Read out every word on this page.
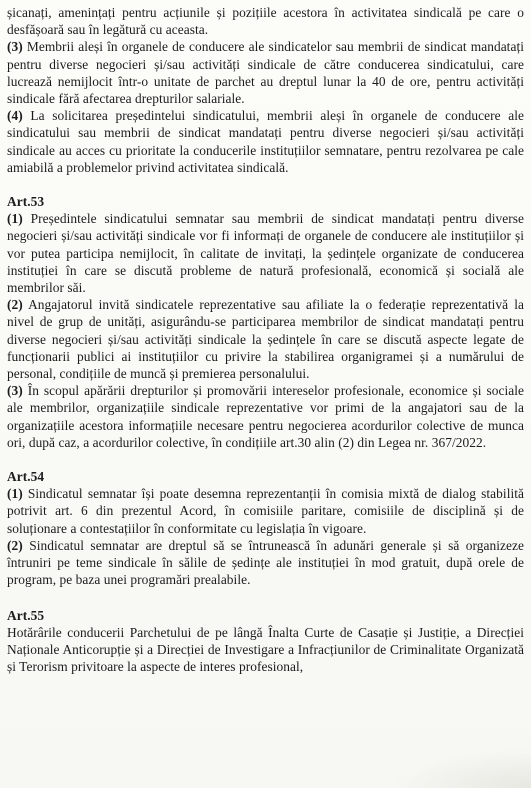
șicanați, amenințați pentru acțiunile și pozițiile acestora în activitatea sindicală pe care o desfășoară sau în legătură cu aceasta.

(3) Membrii aleși în organele de conducere ale sindicatelor sau membrii de sindicat mandatați pentru diverse negocieri și/sau activități sindicale de către conducerea sindicatului, care lucrează nemijlocit într-o unitate de parchet au dreptul lunar la 40 de ore, pentru activități sindicale fără afectarea drepturilor salariale.

(4) La solicitarea președintelui sindicatului, membrii aleși în organele de conducere ale sindicatului sau membrii de sindicat mandatați pentru diverse negocieri și/sau activități sindicale au acces cu prioritate la conducerile instituțiilor semnatare, pentru rezolvarea pe cale amiabilă a problemelor privind activitatea sindicală.

Art.53

(1) Președintele sindicatului semnatar sau membrii de sindicat mandatați pentru diverse negocieri și/sau activități sindicale vor fi informați de organele de conducere ale instituțiilor și vor putea participa nemijlocit, în calitate de invitați, la ședințele organizate de conducerea instituției în care se discută probleme de natură profesională, economică și socială ale membrilor săi.

(2) Angajatorul invită sindicatele reprezentative sau afiliate la o federație reprezentativă la nivel de grup de unități, asigurându-se participarea membrilor de sindicat mandatați pentru diverse negocieri și/sau activități sindicale la ședințele în care se discută aspecte legate de funcționarii publici ai instituțiilor cu privire la stabilirea organigramei și a numărului de personal, condițiile de muncă și premierea personalului.

(3) În scopul apărării drepturilor și promovării intereselor profesionale, economice și sociale ale membrilor, organizațiile sindicale reprezentative vor primi de la angajatori sau de la organizațiile acestora informațiile necesare pentru negocierea acordurilor colective de munca ori, după caz, a acordurilor colective, în condițiile art.30 alin (2) din Legea nr. 367/2022.

Art.54

(1) Sindicatul semnatar își poate desemna reprezentanții în comisia mixtă de dialog stabilită potrivit art. 6 din prezentul Acord, în comisiile paritare, comisiile de disciplină și de soluționare a contestațiilor în conformitate cu legislația în vigoare.

(2) Sindicatul semnatar are dreptul să se întrunească în adunări generale și să organizeze întruniri pe teme sindicale în sălile de ședințe ale instituției în mod gratuit, după orele de program, pe baza unei programări prealabile.

Art.55

Hotărârile conducerii Parchetului de pe lângă Înalta Curte de Casație și Justiție, a Direcției Naționale Anticorupție și a Direcției de Investigare a Infracțiunilor de Criminalitate Organizată și Terorism privitoare la aspecte de interes profesional,
